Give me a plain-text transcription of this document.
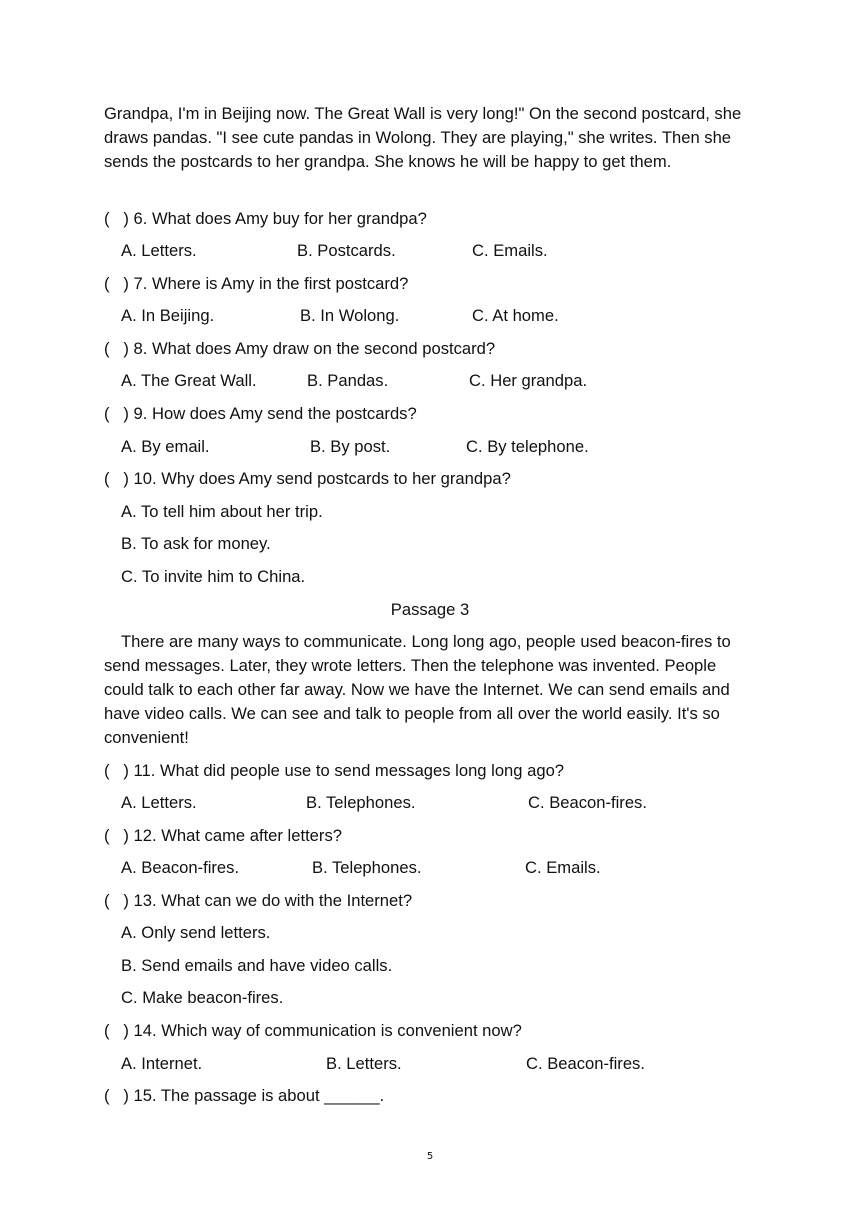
Grandpa, I'm in Beijing now. The Great Wall is very long!" On the second postcard, she draws pandas. "I see cute pandas in Wolong. They are playing," she writes. Then she sends the postcards to her grandpa. She knows he will be happy to get them.
( ) 6. What does Amy buy for her grandpa?
A. Letters.	B. Postcards.	C. Emails.
( ) 7. Where is Amy in the first postcard?
A. In Beijing.	B. In Wolong.	C. At home.
( ) 8. What does Amy draw on the second postcard?
A. The Great Wall.	B. Pandas.	C. Her grandpa.
( ) 9. How does Amy send the postcards?
A. By email.	B. By post.	C. By telephone.
( ) 10. Why does Amy send postcards to her grandpa?
A. To tell him about her trip.
B. To ask for money.
C. To invite him to China.
Passage 3
There are many ways to communicate. Long long ago, people used beacon-fires to send messages. Later, they wrote letters. Then the telephone was invented. People could talk to each other far away. Now we have the Internet. We can send emails and have video calls. We can see and talk to people from all over the world easily. It's so convenient!
( ) 11. What did people use to send messages long long ago?
A. Letters.	B. Telephones.	C. Beacon-fires.
( ) 12. What came after letters?
A. Beacon-fires.	B. Telephones.	C. Emails.
( ) 13. What can we do with the Internet?
A. Only send letters.
B. Send emails and have video calls.
C. Make beacon-fires.
( ) 14. Which way of communication is convenient now?
A. Internet.	B. Letters.	C. Beacon-fires.
( ) 15. The passage is about ______.
5
